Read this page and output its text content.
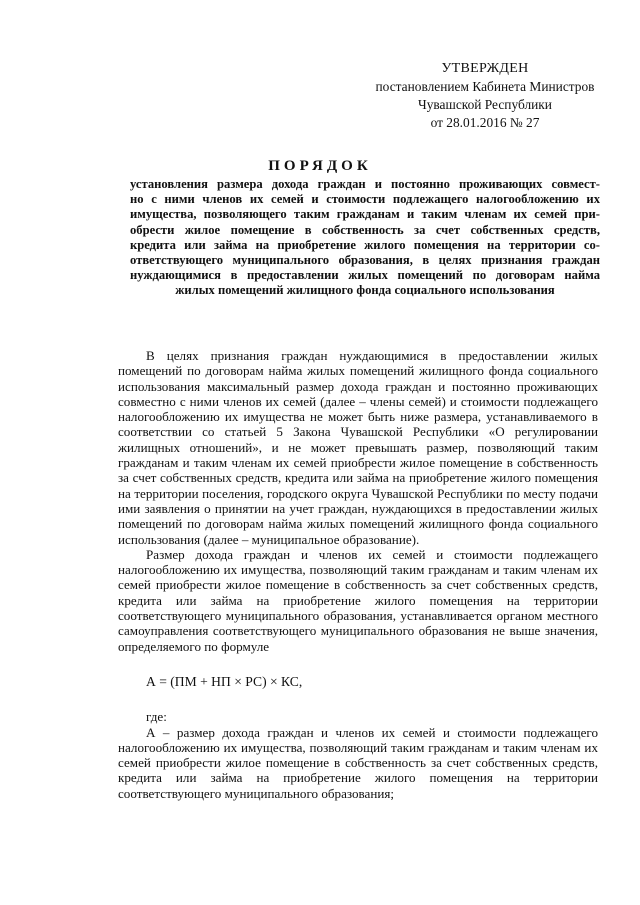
УТВЕРЖДЕН
постановлением Кабинета Министров
Чувашской Республики
от 28.01.2016 № 27
ПОРЯДОК
установления размера дохода граждан и постоянно проживающих совмест-
но с ними членов их семей и стоимости подлежащего налогообложению их
имущества, позволяющего таким гражданам и таким членам их семей при-
обрести жилое помещение в собственность за счет собственных средств,
кредита или займа на приобретение жилого помещения на территории со-
ответствующего муниципального образования, в целях признания граждан
нуждающимися в предоставлении жилых помещений по договорам найма
жилых помещений жилищного фонда социального использования

В целях признания граждан нуждающимися в предоставлении жилых помещений по договорам найма жилых помещений жилищного фонда социального использования максимальный размер дохода граждан и постоянно проживающих совместно с ними членов их семей (далее – члены семей) и стоимости подлежащего налогообложению их имущества не может быть ниже размера, устанавливаемого в соответствии со статьей 5 Закона Чувашской Республики «О регулировании жилищных отношений», и не может превышать размер, позволяющий таким гражданам и таким членам их семей приобрести жилое помещение в собственность за счет собственных средств, кредита или займа на приобретение жилого помещения на территории поселения, городского округа Чувашской Республики по месту подачи ими заявления о принятии на учет граждан, нуждающихся в предоставлении жилых помещений по договорам найма жилых помещений жилищного фонда социального использования (далее – муниципальное образование).

Размер дохода граждан и членов их семей и стоимости подлежащего налогообложению их имущества, позволяющий таким гражданам и таким членам их семей приобрести жилое помещение в собственность за счет собственных средств, кредита или займа на приобретение жилого помещения на территории соответствующего муниципального образования, устанавливается органом местного самоуправления соответствующего муниципального образования не выше значения, определяемого по формуле

А = (ПМ + НП × РС) × КС,
где:

А – размер дохода граждан и членов их семей и стоимости подлежащего налогообложению их имущества, позволяющий таким гражданам и таким членам их семей приобрести жилое помещение в собственность за счет собственных средств, кредита или займа на приобретение жилого помещения на территории соответствующего муниципального образования;
